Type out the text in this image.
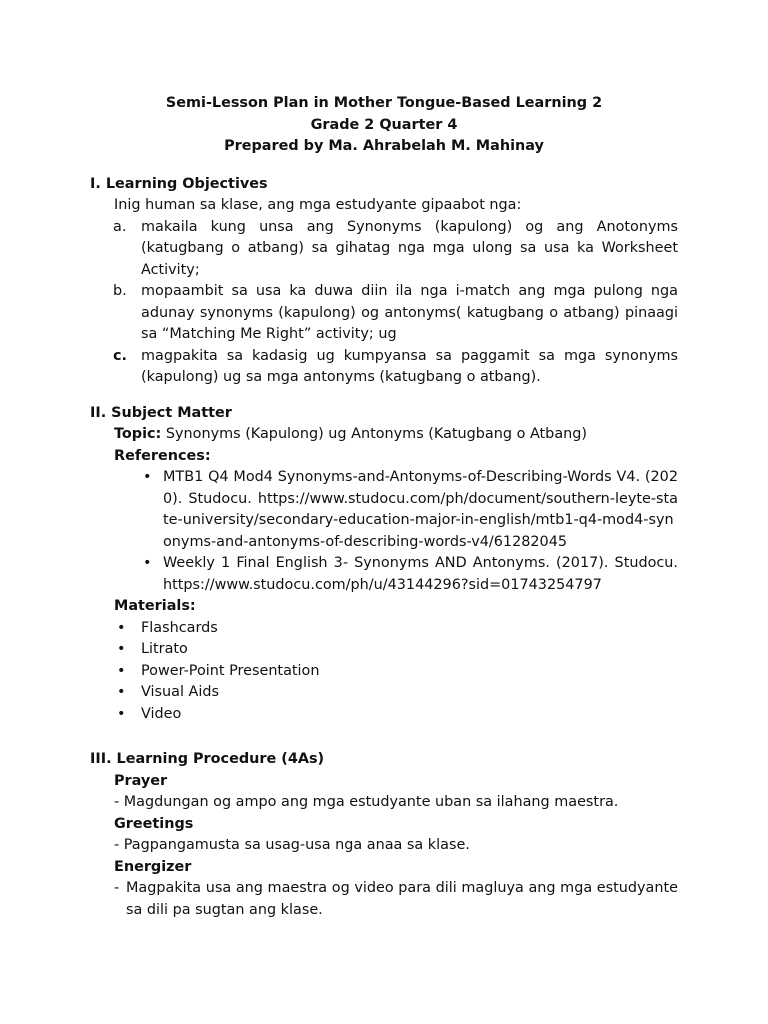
Semi-Lesson Plan in Mother Tongue-Based Learning 2
Grade 2 Quarter 4
Prepared by Ma. Ahrabelah M. Mahinay
I. Learning Objectives
Inig human sa klase, ang mga estudyante gipaabot nga:
a. makaila kung unsa ang Synonyms (kapulong) og ang Anotonyms (katugbang o atbang) sa gihatag nga mga ulong sa usa ka Worksheet Activity;
b. mopaambit sa usa ka duwa diin ila nga i-match ang mga pulong nga adunay synonyms (kapulong) og antonyms( katugbang o atbang) pinaagi sa “Matching Me Right” activity; ug
c. magpakita sa kadasig ug kumpyansa sa paggamit sa mga synonyms (kapulong) ug sa mga antonyms (katugbang o atbang).
II. Subject Matter
Topic: Synonyms (Kapulong) ug Antonyms (Katugbang o Atbang)
References:
• MTB1 Q4 Mod4 Synonyms-and-Antonyms-of-Describing-Words V4. (2020). Studocu. https://www.studocu.com/ph/document/southern-leyte-state-university/secondary-education-major-in-english/mtb1-q4-mod4-synonyms-and-antonyms-of-describing-words-v4/61282045
• Weekly 1 Final English 3- Synonyms AND Antonyms. (2017). Studocu. https://www.studocu.com/ph/u/43144296?sid=01743254797
Materials:
• Flashcards
• Litrato
• Power-Point Presentation
• Visual Aids
• Video
III. Learning Procedure (4As)
Prayer
- Magdungan og ampo ang mga estudyante uban sa ilahang maestra.
Greetings
- Pagpangamusta sa usag-usa nga anaa sa klase.
Energizer
- Magpakita usa ang maestra og video para dili magluya ang mga estudyante sa dili pa sugtan ang klase.
